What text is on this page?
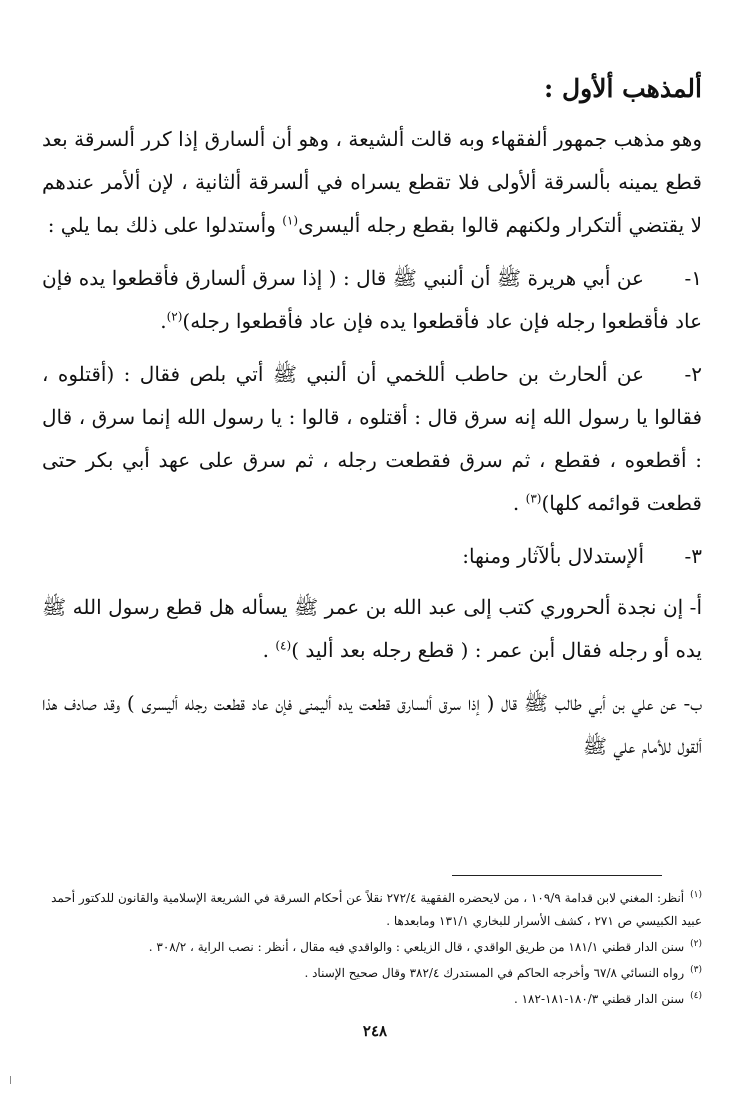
ألمذهب ألأول :

وهو مذهب جمهور ألفقهاء وبه قالت ألشيعة ، وهو أن ألسارق إذا كرر ألسرقة بعد قطع يمينه بألسرقة ألأولى فلا تقطع يسراه في ألسرقة ألثانية ، لإن ألأمر عندهم لا يقتضي ألتكرار ولكنهم قالوا بقطع رجله أليسرى$^{(١)}$ وأستدلوا على ذلك بما يلي :

١-عن أبي هريرة ﷺ أن ألنبي ﷺ قال : ( إذا سرق ألسارق فأقطعوا يده فإن عاد فأقطعوا رجله فإن عاد فأقطعوا يده فإن عاد فأقطعوا رجله)$^{(٢)}$.

٢-عن ألحارث بن حاطب أللخمي أن ألنبي ﷺ أتي بلص فقال : (أقتلوه ، فقالوا يا رسول الله إنه سرق قال : أقتلوه ، قالوا : يا رسول الله إنما سرق ، قال : أقطعوه ، فقطع ، ثم سرق فقطعت رجله ، ثم سرق على عهد أبي بكر حتى قطعت قوائمه كلها)$^{(٣)}$ .

٣-ألإستدلال بألآثار ومنها:

أ- إن نجدة ألحروري كتب إلى عبد الله بن عمر ﷺ يسأله هل قطع رسول الله ﷺ يده أو رجله فقال أبن عمر : ( قطع رجله بعد أليد )$^{(٤)}$ .

ب- عن علي بن أبي طالب ﷺ قال ( إذا سرق ألسارق قطعت يده أليمنى فإن عاد قطعت رجله أليسرى ) وقد صادف هذا ألقول للأمام علي ﷺ

$^{(١)}$أنظر: المغني لابن قدامة ١٠٩/٩ ، من لايحضره الفقهية ٢٧٢/٤ نقلاً عن أحكام السرقة في الشريعة الإسلامية والقانون للدكتور أحمد عبيد الكبيسي ص ٢٧١ ، كشف الأسرار للبخاري ١٣١/١ ومابعدها .

$^{(٢)}$سنن الدار قطني ١٨١/١ من طريق الواقدي ، قال الزيلعي : والواقدي فيه مقال ، أنظر : نصب الراية ، ٣٠٨/٢ .

$^{(٣)}$رواه النسائي ٦٧/٨ وأخرجه الحاكم في المستدرك ٣٨٢/٤ وقال صحيح الإسناد .

$^{(٤)}$سنن الدار قطني ١٨٠/٣-١٨١-١٨٢ .

٢٤٨
